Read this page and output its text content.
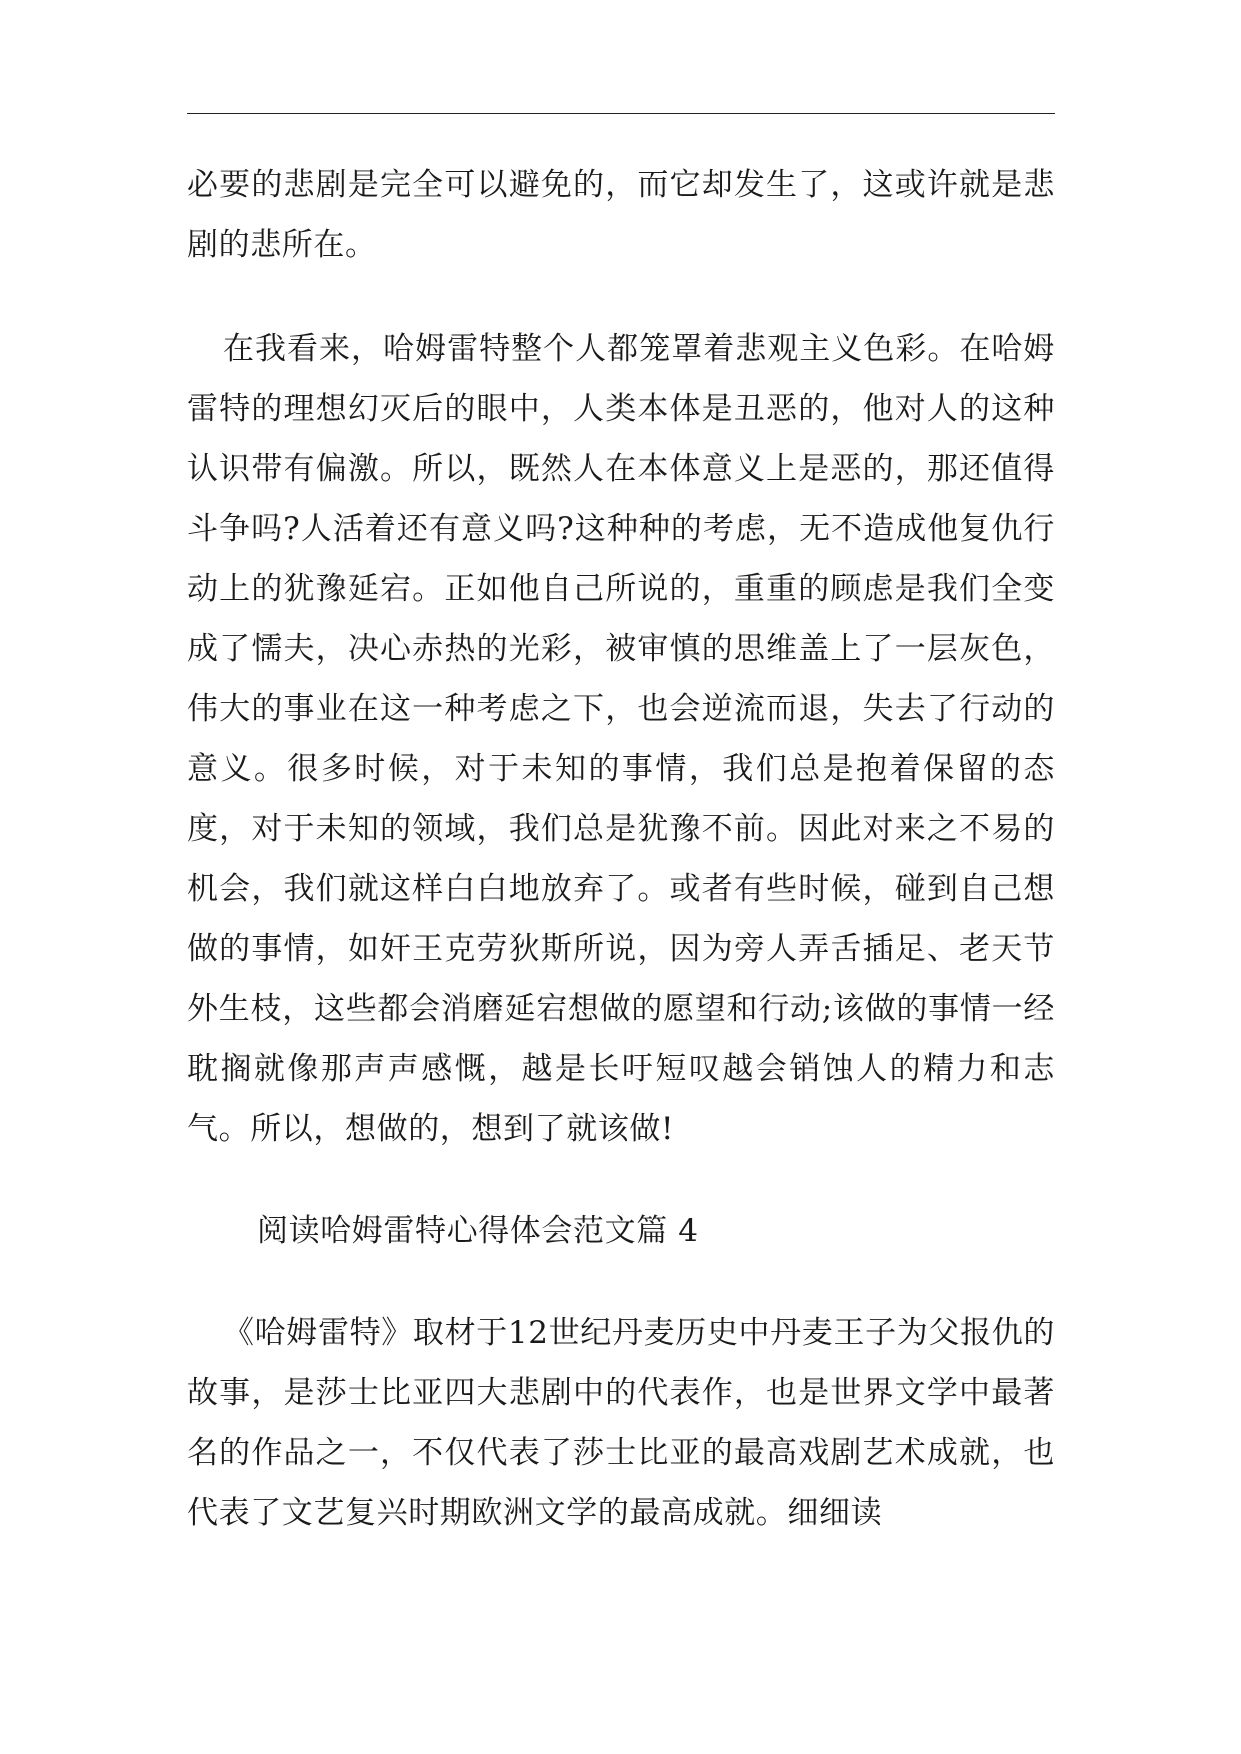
必要的悲剧是完全可以避免的，而它却发生了，这或许就是悲剧的悲所在。

在我看来，哈姆雷特整个人都笼罩着悲观主义色彩。在哈姆雷特的理想幻灭后的眼中，人类本体是丑恶的，他对人的这种认识带有偏激。所以，既然人在本体意义上是恶的，那还值得斗争吗?人活着还有意义吗?这种种的考虑，无不造成他复仇行动上的犹豫延宕。正如他自己所说的，重重的顾虑是我们全变成了懦夫，决心赤热的光彩，被审慎的思维盖上了一层灰色，伟大的事业在这一种考虑之下，也会逆流而退，失去了行动的意义。很多时候，对于未知的事情，我们总是抱着保留的态度，对于未知的领域，我们总是犹豫不前。因此对来之不易的机会，我们就这样白白地放弃了。或者有些时候，碰到自己想做的事情，如奸王克劳狄斯所说，因为旁人弄舌插足、老天节外生枝，这些都会消磨延宕想做的愿望和行动;该做的事情一经耽搁就像那声声感慨，越是长吁短叹越会销蚀人的精力和志气。所以，想做的，想到了就该做!

阅读哈姆雷特心得体会范文篇 4

《哈姆雷特》取材于12世纪丹麦历史中丹麦王子为父报仇的故事，是莎士比亚四大悲剧中的代表作，也是世界文学中最著名的作品之一，不仅代表了莎士比亚的最高戏剧艺术成就，也代表了文艺复兴时期欧洲文学的最高成就。细细读
